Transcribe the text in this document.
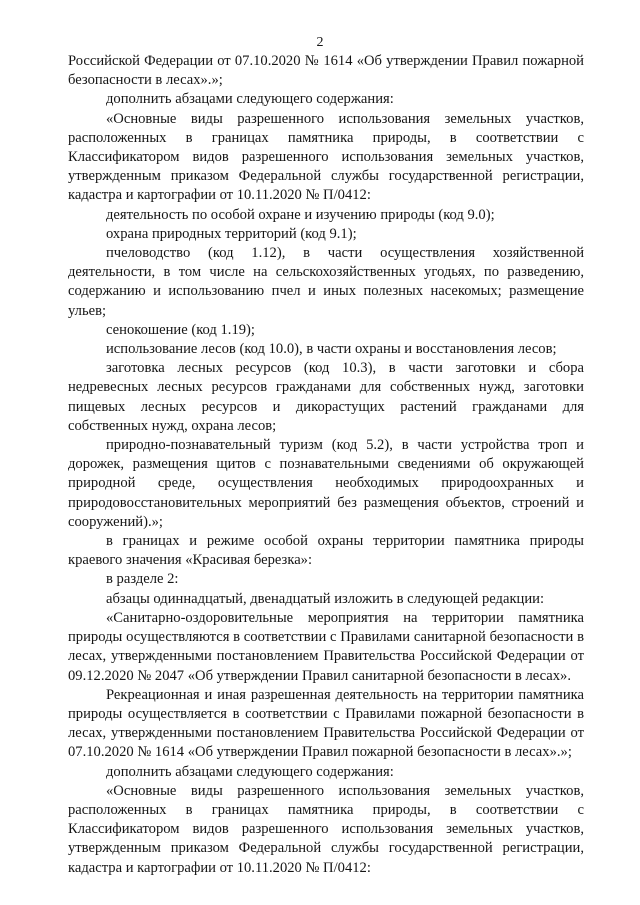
2

Российской Федерации от 07.10.2020 № 1614 «Об утверждении Правил пожарной безопасности в лесах».»;

дополнить абзацами следующего содержания:

«Основные виды разрешенного использования земельных участков, расположенных в границах памятника природы, в соответствии с Классификатором видов разрешенного использования земельных участков, утвержденным приказом Федеральной службы государственной регистрации, кадастра и картографии от 10.11.2020 № П/0412:

деятельность по особой охране и изучению природы (код 9.0);

охрана природных территорий (код 9.1);

пчеловодство (код 1.12), в части осуществления хозяйственной деятельности, в том числе на сельскохозяйственных угодьях, по разведению, содержанию и использованию пчел и иных полезных насекомых; размещение ульев;

сенокошение (код 1.19);

использование лесов (код 10.0), в части охраны и восстановления лесов;

заготовка лесных ресурсов (код 10.3), в части заготовки и сбора недревесных лесных ресурсов гражданами для собственных нужд, заготовки пищевых лесных ресурсов и дикорастущих растений гражданами для собственных нужд, охрана лесов;

природно-познавательный туризм (код 5.2), в части устройства троп и дорожек, размещения щитов с познавательными сведениями об окружающей природной среде, осуществления необходимых природоохранных и природовосстановительных мероприятий без размещения объектов, строений и сооружений).»;

в границах и режиме особой охраны территории памятника природы краевого значения «Красивая березка»:

в разделе 2:

абзацы одиннадцатый, двенадцатый изложить в следующей редакции:

«Санитарно-оздоровительные мероприятия на территории памятника природы осуществляются в соответствии с Правилами санитарной безопасности в лесах, утвержденными постановлением Правительства Российской Федерации от 09.12.2020 № 2047 «Об утверждении Правил санитарной безопасности в лесах».

Рекреационная и иная разрешенная деятельность на территории памятника природы осуществляется в соответствии с Правилами пожарной безопасности в лесах, утвержденными постановлением Правительства Российской Федерации от 07.10.2020 № 1614 «Об утверждении Правил пожарной безопасности в лесах».»;

дополнить абзацами следующего содержания:

«Основные виды разрешенного использования земельных участков, расположенных в границах памятника природы, в соответствии с Классификатором видов разрешенного использования земельных участков, утвержденным приказом Федеральной службы государственной регистрации, кадастра и картографии от 10.11.2020 № П/0412:
